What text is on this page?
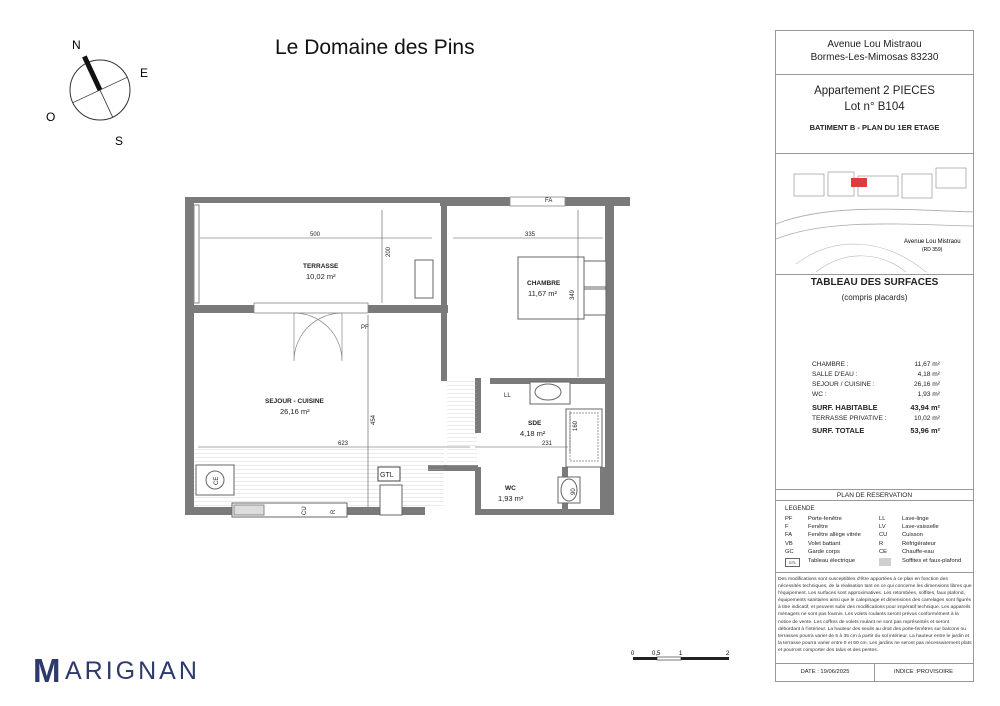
Le Domaine des Pins
N
E
S
O
500
200
335
349
623
454
231
160
90
TERRASSE
10,02 m²
CHAMBRE
11,67 m²
SEJOUR - CUISINE
26,16 m²
SDE
4,18 m²
WC
1,93 m²
FA
PF
LL
GTL
CE
CU	R
0	0,5	1	2
M ARIGNAN
Avenue Lou Mistraou
Bormes-Les-Mimosas 83230
Appartement 2 PIECES
Lot n° B104
BATIMENT B - PLAN DU 1ER ETAGE
Avenue Lou Mistraou
(RD 359)
TABLEAU DES SURFACES
(compris placards)
CHAMBRE :	11,67 m²
SALLE D'EAU :	4,18 m²
SEJOUR / CUISINE :	26,16 m²
WC :	1,93 m²
SURF. HABITABLE	43,94 m²
TERRASSE PRIVATIVE :	10,02 m²
SURF. TOTALE	53,96 m²
PLAN DE RESERVATION
LEGENDE
PF	Porte-fenêtre	LL	Lave-linge
F	Fenêtre	LV	Lave-vaisselle
FA	Fenêtre allège vitrée	CU	Cuisson
VB	Volet battant	R	Réfrigérateur
GC Garde corps	CE	Chauffe-eau
GTL	Tableau électrique	Soffites et faux-plafond
Des modifications sont susceptibles d'être apportées à ce plan en fonction des nécessités techniques, de la réalisation tant en ce qui concerne les dimensions libres que l'équipement. Les surfaces sont approximatives. Les retombées, soffites, faux plafond, équipements sanitaires ainsi que le calepinage et dimensions des carrelages sont figurés à titre indicatif, et peuvent subir des modifications pour impératif technique. Les appareils ménagers ne sont pas fournis. Les volets roulants seront prévus conformément à la notice de vente. Les coffres de volets roulant ne sont pas représentés et seront débordant à l'intérieur. La hauteur des seuils au droit des porte-fenêtres sur balcons ou terrasses pourra varier de 5 à 35 cm à partir du sol intérieur. La hauteur entre le jardin et la terrasse pourra varier entre 0 et 60 cm. Les jardins ne seront pas nécessairement plats et pourront comporter des talus et des pentes.
DATE : 19/06/2025	INDICE :PROVISOIRE
